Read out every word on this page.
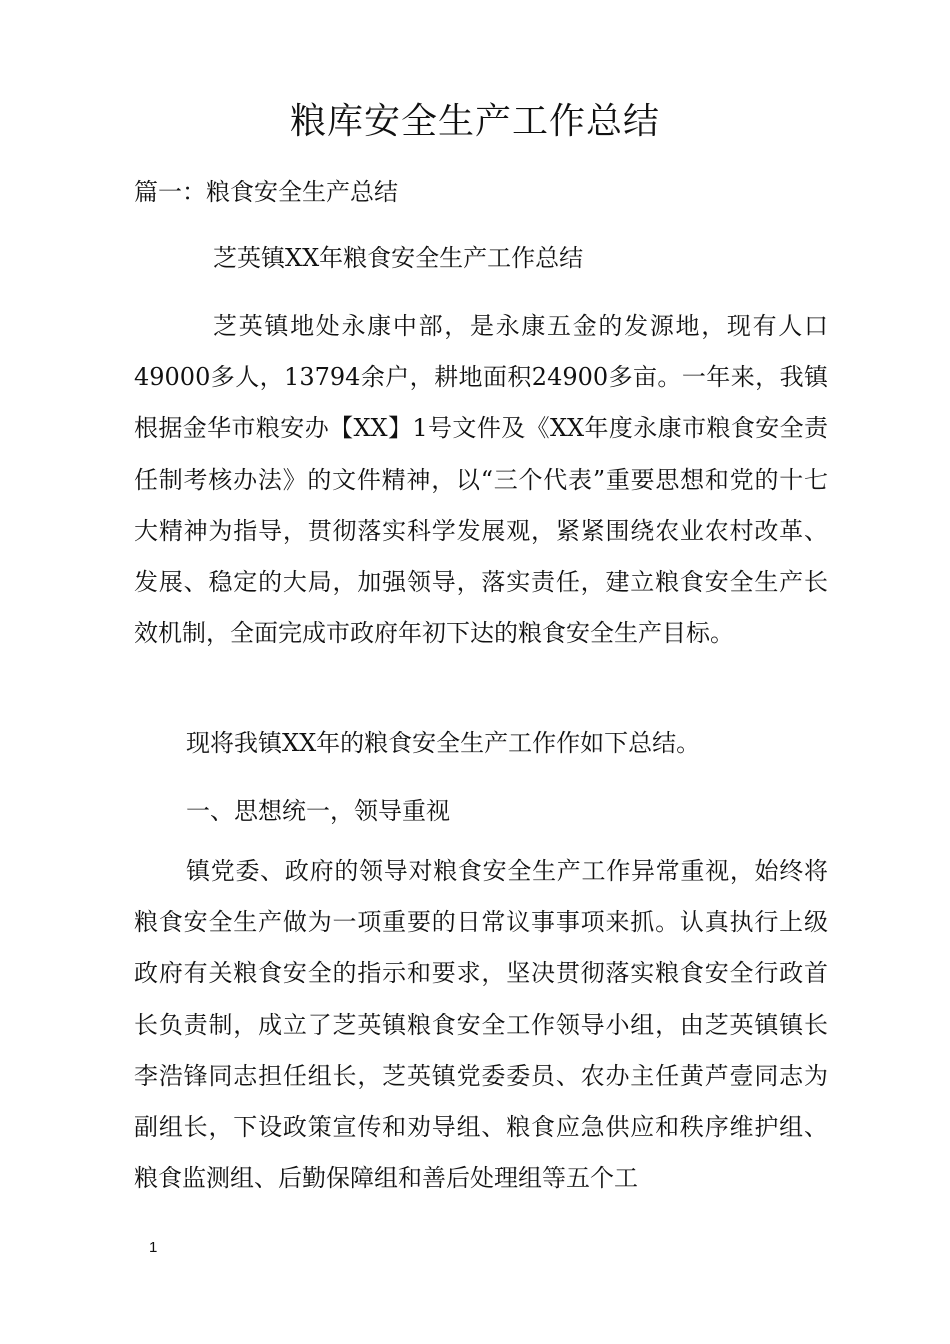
粮库安全生产工作总结
篇一：粮食安全生产总结
芝英镇XX年粮食安全生产工作总结
芝英镇地处永康中部，是永康五金的发源地，现有人口49000多人，13794余户，耕地面积24900多亩。一年来，我镇根据金华市粮安办【XX】1号文件及《XX年度永康市粮食安全责任制考核办法》的文件精神，以“三个代表”重要思想和党的十七大精神为指导，贯彻落实科学发展观，紧紧围绕农业农村改革、发展、稳定的大局，加强领导，落实责任，建立粮食安全生产长效机制，全面完成市政府年初下达的粮食安全生产目标。
现将我镇XX年的粮食安全生产工作作如下总结。
一、思想统一，领导重视
镇党委、政府的领导对粮食安全生产工作异常重视，始终将粮食安全生产做为一项重要的日常议事事项来抓。认真执行上级政府有关粮食安全的指示和要求，坚决贯彻落实粮食安全行政首长负责制，成立了芝英镇粮食安全工作领导小组，由芝英镇镇长李浩锋同志担任组长，芝英镇党委委员、农办主任黄芦壹同志为副组长，下设政策宣传和劝导组、粮食应急供应和秩序维护组、粮食监测组、后勤保障组和善后处理组等五个工
1
